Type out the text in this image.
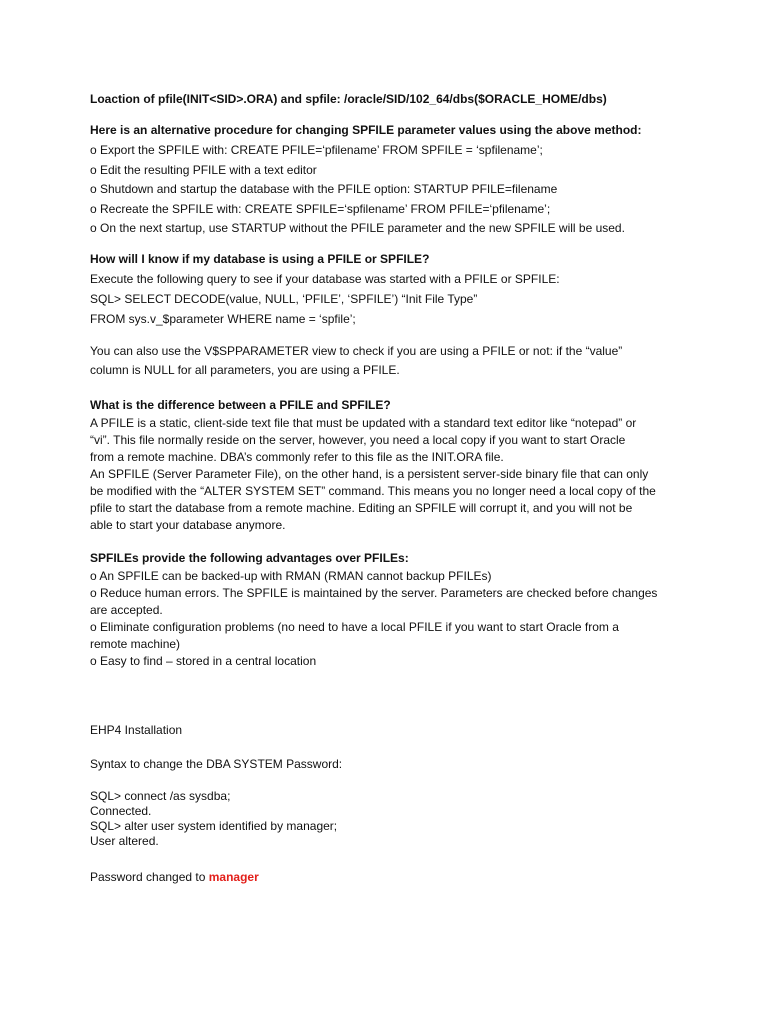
Loaction of pfile(INIT<SID>.ORA) and spfile: /oracle/SID/102_64/dbs($ORACLE_HOME/dbs)
Here is an alternative procedure for changing SPFILE parameter values using the above method:
o Export the SPFILE with: CREATE PFILE=‘pfilename’ FROM SPFILE = ‘spfilename’;
o Edit the resulting PFILE with a text editor
o Shutdown and startup the database with the PFILE option: STARTUP PFILE=filename
o Recreate the SPFILE with: CREATE SPFILE=‘spfilename’ FROM PFILE=‘pfilename’;
o On the next startup, use STARTUP without the PFILE parameter and the new SPFILE will be used.
How will I know if my database is using a PFILE or SPFILE?
Execute the following query to see if your database was started with a PFILE or SPFILE:
SQL> SELECT DECODE(value, NULL, ‘PFILE’, ‘SPFILE’) “Init File Type”
FROM sys.v_$parameter WHERE name = ‘spfile’;
You can also use the V$SPPARAMETER view to check if you are using a PFILE or not: if the “value”
column is NULL for all parameters, you are using a PFILE.
What is the difference between a PFILE and SPFILE?
A PFILE is a static, client-side text file that must be updated with a standard text editor like “notepad” or
“vi”. This file normally reside on the server, however, you need a local copy if you want to start Oracle
from a remote machine. DBA’s commonly refer to this file as the INIT.ORA file.
An SPFILE (Server Parameter File), on the other hand, is a persistent server-side binary file that can only
be modified with the “ALTER SYSTEM SET” command. This means you no longer need a local copy of the
pfile to start the database from a remote machine. Editing an SPFILE will corrupt it, and you will not be
able to start your database anymore.
SPFILEs provide the following advantages over PFILEs:
o An SPFILE can be backed-up with RMAN (RMAN cannot backup PFILEs)
o Reduce human errors. The SPFILE is maintained by the server. Parameters are checked before changes
are accepted.
o Eliminate configuration problems (no need to have a local PFILE if you want to start Oracle from a
remote machine)
o Easy to find – stored in a central location
EHP4 Installation
Syntax to change the DBA SYSTEM Password:
SQL> connect /as sysdba;
Connected.
SQL> alter user system identified by manager;
User altered.
Password changed to manager
